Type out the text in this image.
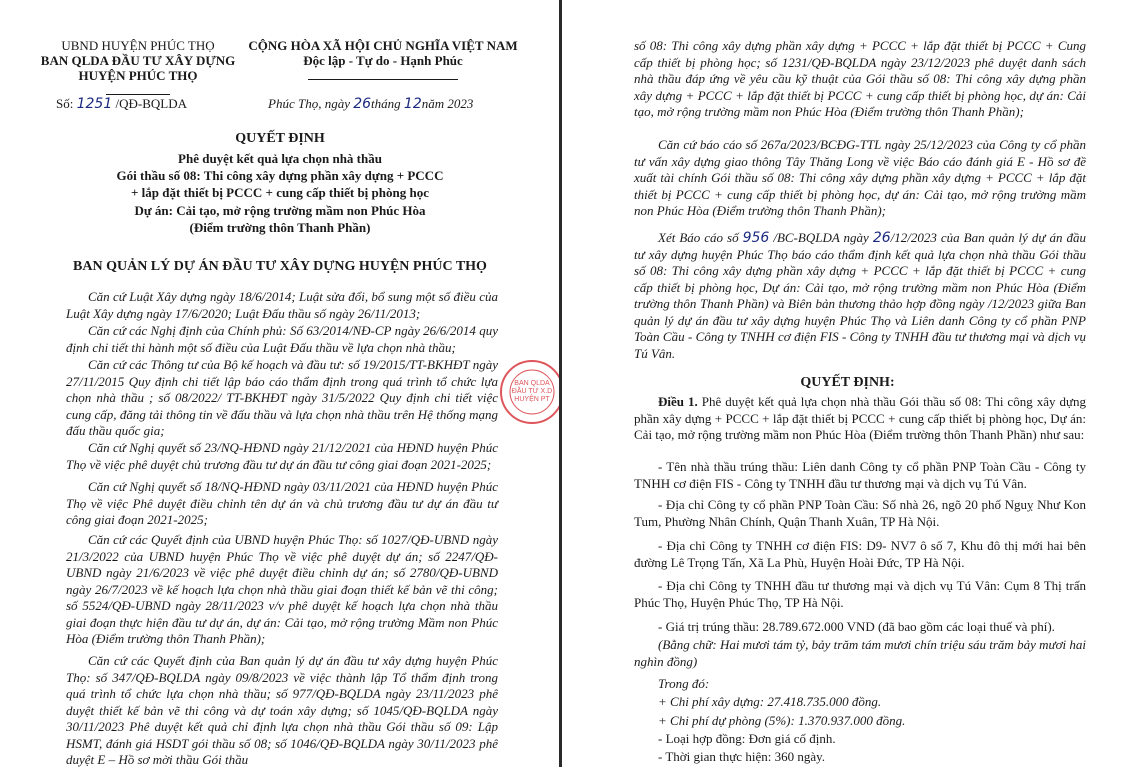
UBND HUYỆN PHÚC THỌ
BAN QLDA ĐẦU TƯ XÂY DỰNG
HUYỆN PHÚC THỌ
CỘNG HÒA XÃ HỘI CHỦ NGHĨA VIỆT NAM
Độc lập - Tự do - Hạnh Phúc
Số: 1251 /QĐ-BQLDA	Phúc Thọ, ngày 26tháng 12năm 2023
QUYẾT ĐỊNH
Phê duyệt kết quả lựa chọn nhà thầu
Gói thầu số 08: Thi công xây dựng phần xây dựng + PCCC
+ lắp đặt thiết bị PCCC + cung cấp thiết bị phòng học
Dự án: Cải tạo, mở rộng trường mầm non Phúc Hòa
(Điểm trường thôn Thanh Phần)
BAN QUẢN LÝ DỰ ÁN ĐẦU TƯ XÂY DỰNG HUYỆN PHÚC THỌ

Căn cứ Luật Xây dựng ngày 18/6/2014; Luật sửa đổi, bổ sung một số điều của Luật Xây dựng ngày 17/6/2020; Luật Đấu thầu số ngày 26/11/2013;

Căn cứ các Nghị định của Chính phủ: Số 63/2014/NĐ-CP ngày 26/6/2014 quy định chi tiết thi hành một số điều của Luật Đấu thầu về lựa chọn nhà thầu;

Căn cứ các Thông tư của Bộ kế hoạch và đầu tư: số 19/2015/TT-BKHĐT ngày 27/11/2015 Quy định chi tiết lập báo cáo thẩm định trong quá trình tổ chức lựa chọn nhà thầu ; số 08/2022/ TT-BKHĐT ngày 31/5/2022 Quy định chi tiết việc cung cấp, đăng tải thông tin về đấu thầu và lựa chọn nhà thầu trên Hệ thống mạng đấu thầu quốc gia;

Căn cứ Nghị quyết số 23/NQ-HĐND ngày 21/12/2021 của HĐND huyện Phúc Thọ về việc phê duyệt chủ trương đầu tư dự án đầu tư công giai đoạn 2021-2025;

Căn cứ Nghị quyết số 18/NQ-HĐND ngày 03/11/2021 của HĐND huyện Phúc Thọ về việc Phê duyệt điều chỉnh tên dự án và chủ trương đầu tư dự án đầu tư công giai đoạn 2021-2025;

Căn cứ các Quyết định của UBND huyện Phúc Thọ: số 1027/QĐ-UBND ngày 21/3/2022 của UBND huyện Phúc Thọ về việc phê duyệt dự án; số 2247/QĐ-UBND ngày 21/6/2023 về việc phê duyệt điều chỉnh dự án; số 2780/QĐ-UBND ngày 26/7/2023 về kế hoạch lựa chọn nhà thầu giai đoạn thiết kế bản vẽ thi công; số 5524/QĐ-UBND ngày 28/11/2023 v/v phê duyệt kế hoạch lựa chọn nhà thầu giai đoạn thực hiện đầu tư dự án, dự án: Cải tạo, mở rộng trường Mầm non Phúc Hòa (Điểm trường thôn Thanh Phần);

Căn cứ các Quyết định của Ban quản lý dự án đầu tư xây dựng huyện Phúc Thọ: số 347/QĐ-BQLDA ngày 09/8/2023 về việc thành lập Tổ thẩm định trong quá trình tổ chức lựa chọn nhà thầu; số 977/QĐ-BQLDA ngày 23/11/2023 phê duyệt thiết kế bản vẽ thi công và dự toán xây dựng; số 1045/QĐ-BQLDA ngày 30/11/2023 Phê duyệt kết quả chỉ định lựa chọn nhà thầu Gói thầu số 09: Lập HSMT, đánh giá HSDT gói thầu số 08; số 1046/QĐ-BQLDA ngày 30/11/2023 phê duyệt E – Hồ sơ mời thầu Gói thầu

BAN QLDA
ĐẦU TƯ X.D
HUYỆN PT

số 08: Thi công xây dựng phần xây dựng + PCCC + lắp đặt thiết bị PCCC + Cung cấp thiết bị phòng học; số 1231/QĐ-BQLDA ngày 23/12/2023 phê duyệt danh sách nhà thầu đáp ứng về yêu cầu kỹ thuật của Gói thầu số 08: Thi công xây dựng phần xây dựng + PCCC + lắp đặt thiết bị PCCC + cung cấp thiết bị phòng học, dự án: Cải tạo, mở rộng trường mầm non Phúc Hòa (Điểm trường thôn Thanh Phần);

Căn cứ báo cáo số 267a/2023/BCĐG-TTL ngày 25/12/2023 của Công ty cổ phần tư vấn xây dựng giao thông Tây Thăng Long về việc Báo cáo đánh giá E - Hồ sơ đề xuất tài chính Gói thầu số 08: Thi công xây dựng phần xây dựng + PCCC + lắp đặt thiết bị PCCC + cung cấp thiết bị phòng học, dự án: Cải tạo, mở rộng trường mầm non Phúc Hòa (Điểm trường thôn Thanh Phần);

Xét Báo cáo số 956 /BC-BQLDA ngày 26/12/2023 của Ban quản lý dự án đầu tư xây dựng huyện Phúc Thọ báo cáo thẩm định kết quả lựa chọn nhà thầu Gói thầu số 08: Thi công xây dựng phần xây dựng + PCCC + lắp đặt thiết bị PCCC + cung cấp thiết bị phòng học, Dự án: Cải tạo, mở rộng trường mầm non Phúc Hòa (Điểm trường thôn Thanh Phần) và Biên bản thương thảo hợp đồng ngày /12/2023 giữa Ban quản lý dự án đầu tư xây dựng huyện Phúc Thọ và Liên danh Công ty cổ phần PNP Toàn Cầu - Công ty TNHH cơ điện FIS - Công ty TNHH đầu tư thương mại và dịch vụ Tú Vân.

QUYẾT ĐỊNH:

Điều 1. Phê duyệt kết quả lựa chọn nhà thầu Gói thầu số 08: Thi công xây dựng phần xây dựng + PCCC + lắp đặt thiết bị PCCC + cung cấp thiết bị phòng học, Dự án: Cải tạo, mở rộng trường mầm non Phúc Hòa (Điểm trường thôn Thanh Phần) như sau:

- Tên nhà thầu trúng thầu: Liên danh Công ty cổ phần PNP Toàn Cầu - Công ty TNHH cơ điện FIS - Công ty TNHH đầu tư thương mại và dịch vụ Tú Vân.

- Địa chỉ Công ty cổ phần PNP Toàn Cầu: Số nhà 26, ngõ 20 phố Nguỵ Như Kon Tum, Phường Nhân Chính, Quận Thanh Xuân, TP Hà Nội.

- Địa chỉ Công ty TNHH cơ điện FIS: D9- NV7 ô số 7, Khu đô thị mới hai bên đường Lê Trọng Tấn, Xã La Phù, Huyện Hoài Đức, TP Hà Nội.

- Địa chỉ Công ty TNHH đầu tư thương mại và dịch vụ Tú Vân: Cụm 8 Thị trấn Phúc Thọ, Huyện Phúc Thọ, TP Hà Nội.

- Giá trị trúng thầu: 28.789.672.000 VND (đã bao gồm các loại thuế và phí).

(Bằng chữ: Hai mươi tám tỷ, bảy trăm tám mươi chín triệu sáu trăm bảy mươi hai nghìn đồng)

Trong đó:

+ Chi phí xây dựng: 27.418.735.000 đồng.

+ Chi phí dự phòng (5%): 1.370.937.000 đồng.

- Loại hợp đồng: Đơn giá cố định.

- Thời gian thực hiện: 360 ngày.
